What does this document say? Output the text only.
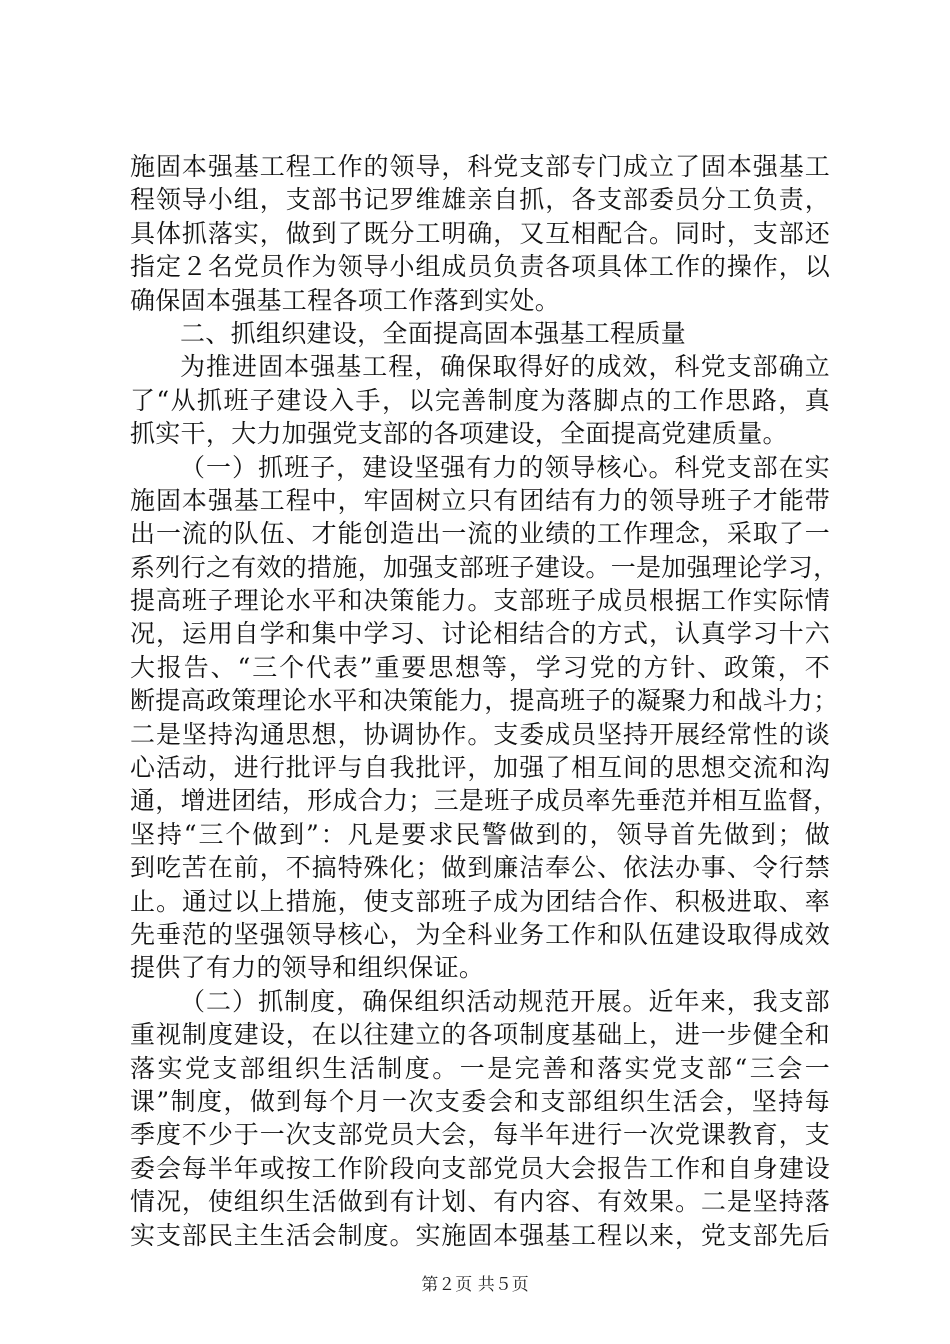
施固本强基工程工作的领导，科党支部专门成立了固本强基工
程领导小组，支部书记罗维雄亲自抓，各支部委员分工负责，
具体抓落实，做到了既分工明确，又互相配合。同时，支部还
指定２名党员作为领导小组成员负责各项具体工作的操作，以
确保固本强基工程各项工作落到实处。
二、抓组织建设，全面提高固本强基工程质量
为推进固本强基工程，确保取得好的成效，科党支部确立
了“从抓班子建设入手，以完善制度为落脚点的工作思路，真
抓实干，大力加强党支部的各项建设，全面提高党建质量。
（一）抓班子，建设坚强有力的领导核心。科党支部在实
施固本强基工程中，牢固树立只有团结有力的领导班子才能带
出一流的队伍、才能创造出一流的业绩的工作理念，采取了一
系列行之有效的措施，加强支部班子建设。一是加强理论学习，
提高班子理论水平和决策能力。支部班子成员根据工作实际情
况，运用自学和集中学习、讨论相结合的方式，认真学习十六
大报告、“三个代表”重要思想等，学习党的方针、政策，不
断提高政策理论水平和决策能力，提高班子的凝聚力和战斗力；
二是坚持沟通思想，协调协作。支委成员坚持开展经常性的谈
心活动，进行批评与自我批评，加强了相互间的思想交流和沟
通，增进团结，形成合力；三是班子成员率先垂范并相互监督，
坚持“三个做到”：凡是要求民警做到的，领导首先做到；做
到吃苦在前，不搞特殊化；做到廉洁奉公、依法办事、令行禁
止。通过以上措施，使支部班子成为团结合作、积极进取、率
先垂范的坚强领导核心，为全科业务工作和队伍建设取得成效
提供了有力的领导和组织保证。
（二）抓制度，确保组织活动规范开展。近年来，我支部
重视制度建设，在以往建立的各项制度基础上，进一步健全和
落实党支部组织生活制度。一是完善和落实党支部“三会一
课”制度，做到每个月一次支委会和支部组织生活会，坚持每
季度不少于一次支部党员大会，每半年进行一次党课教育，支
委会每半年或按工作阶段向支部党员大会报告工作和自身建设
情况，使组织生活做到有计划、有内容、有效果。二是坚持落
实支部民主生活会制度。实施固本强基工程以来，党支部先后
第２页 共５页
